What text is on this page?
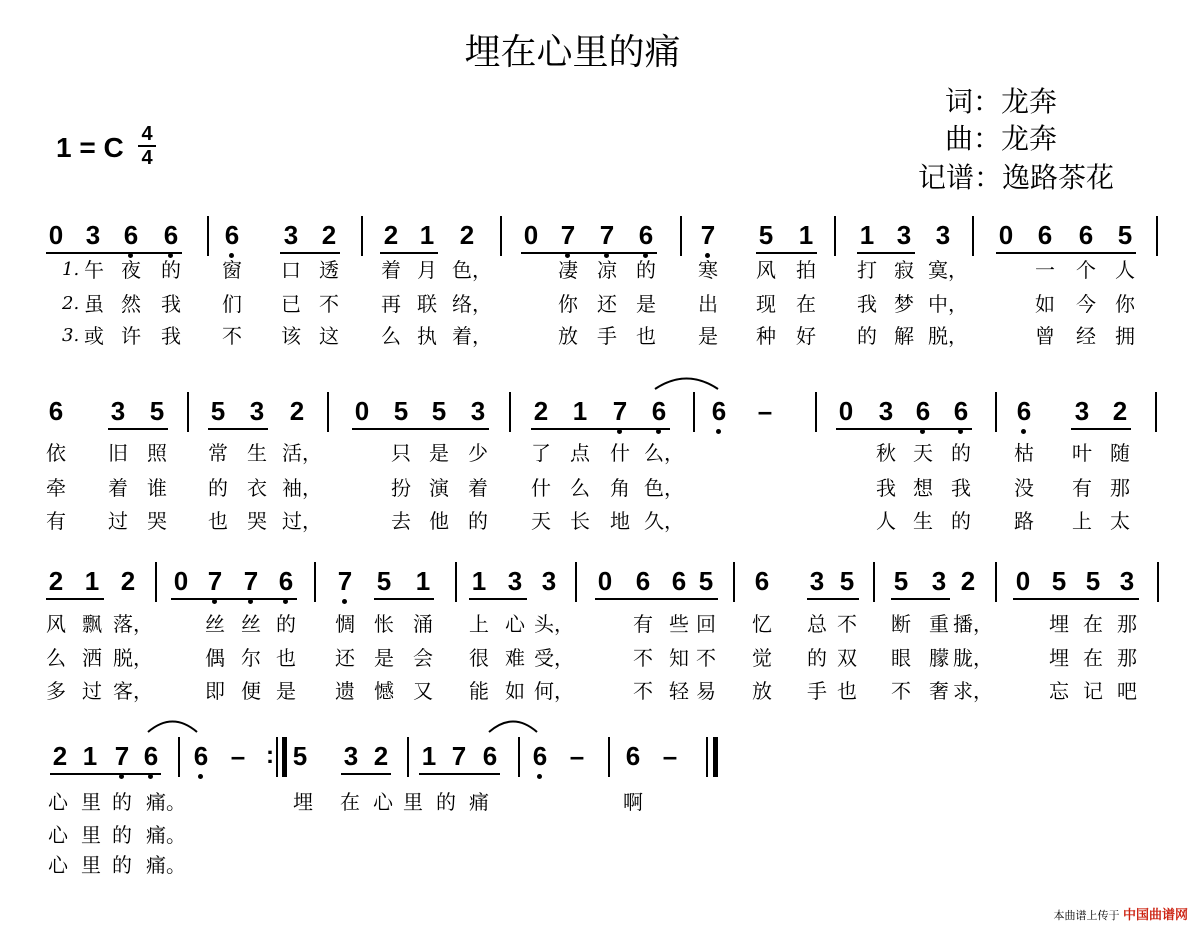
埋在心里的痛
词：龙奔
曲：龙奔
记谱：逸路茶花
1 = C 4
4
0 3 6 6 6 3 2 2 1 2 0 7 7 6 7 5 1 1 3 3 0 6 6 5
1. 午 夜 的 窗 口 透 着 月 色，	凄 凉 的 寒 风 拍 打 寂 寞，	一 个 人
2. 虽 然 我 们 已 不 再 联 络，	你 还 是 出 现 在 我 梦 中，	如 今 你
3. 或 许 我 不 该 这 么 执 着，	放 手 也 是 种 好 的 解 脱，	曾 经 拥
6 3 5 5 3 2 0 5 5 3 2 1 7 6 6 –	0 3 6 6 6 3 2
依 旧 照 常 生 活，	只 是 少 了 点 什 么，	秋 天 的 枯 叶 随
牵 着 谁 的 衣 袖，	扮 演 着 什 么 角 色，	我 想 我 没 有 那
有 过 哭 也 哭 过，	去 他 的 天 长 地 久，	人 生 的 路 上 太
2 1 2 0 7 7 6 7 5 1 1 3 3 0 6 6 5 6 3 5 5 3 2 0 5 5 3
风 飘 落，	丝 丝 的 惆 怅 涌 上 心 头，	有 些 回 忆 总 不 断 重 播，	埋 在 那
么 洒 脱，	偶 尔 也 还 是 会 很 难 受，	不 知 不 觉 的 双 眼 朦 胧，	埋 在 那
多 过 客，	即 便 是 遗 憾 又 能 如 何，	不 轻 易 放 手 也 不 奢 求，	忘 记 吧
2 1 7 6 6 – : 5 3 2 1 7 6 6 – 6 –
心 里 的 痛。	埋 在 心 里 的 痛	啊
心 里 的 痛。
心 里 的 痛。
本曲谱上传于 中国曲谱网
